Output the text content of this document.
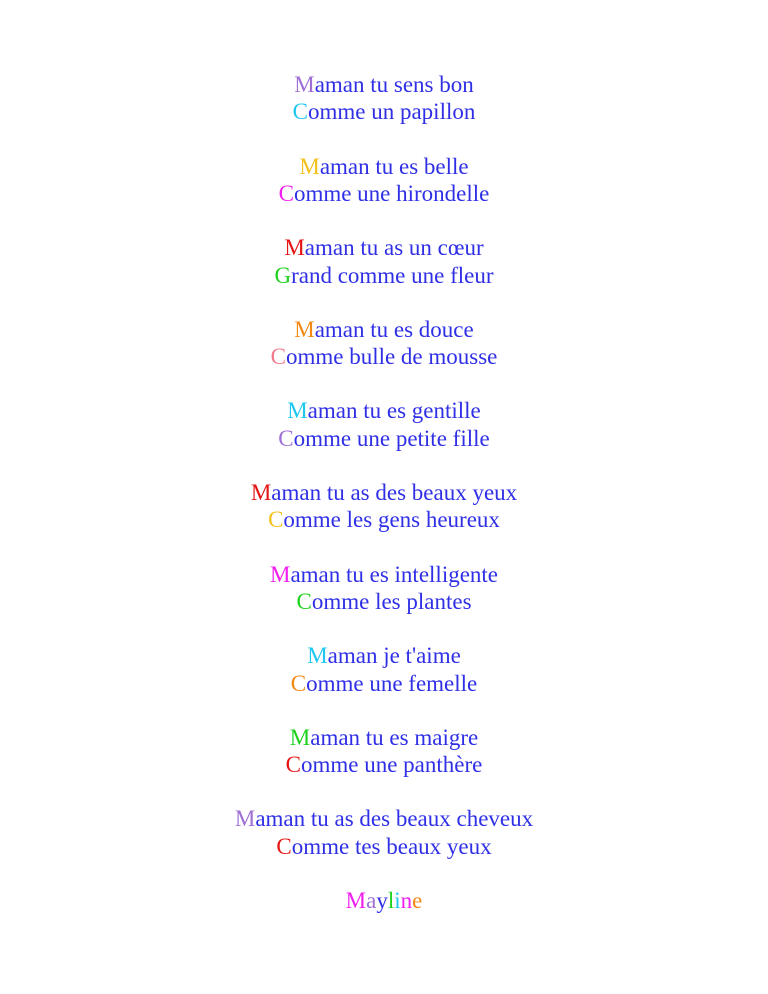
Maman tu sens bon
Comme un papillon
Maman tu es belle
Comme une hirondelle
Maman tu as un cœur
Grand comme une fleur
Maman tu es douce
Comme bulle de mousse
Maman tu es gentille
Comme une petite fille
Maman tu as des beaux yeux
Comme les gens heureux
Maman tu es intelligente
Comme les plantes
Maman je t'aime
Comme une femelle
Maman tu es maigre
Comme une panthère
Maman tu as des beaux cheveux
Comme tes beaux yeux
Mayline
